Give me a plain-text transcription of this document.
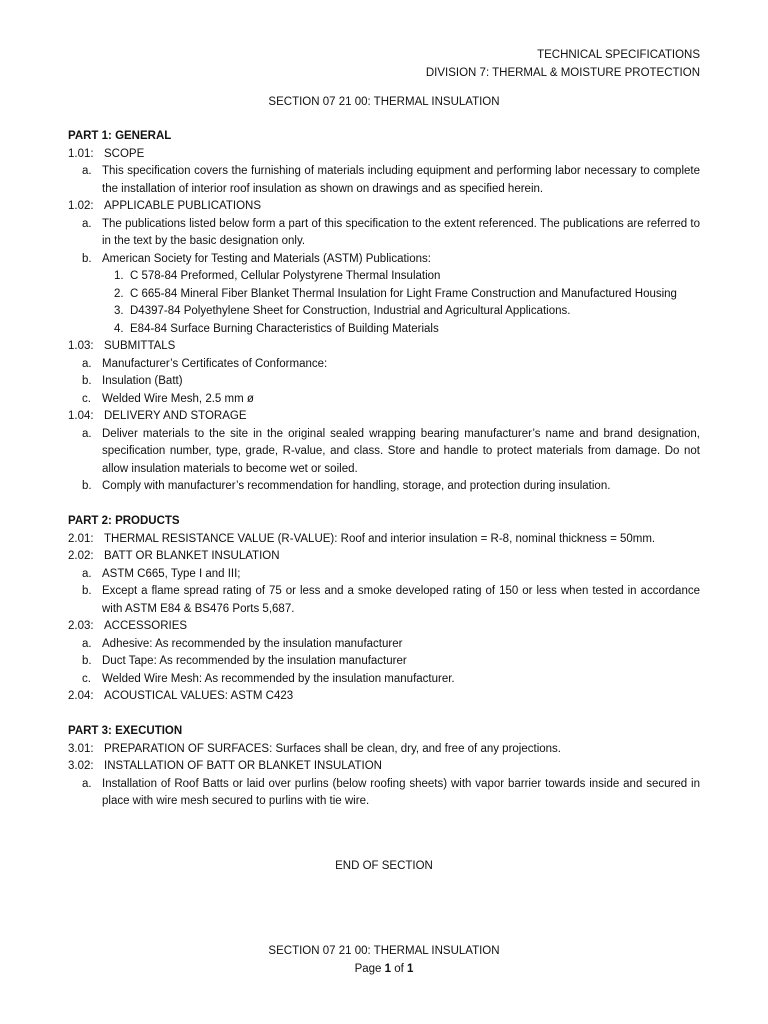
TECHNICAL SPECIFICATIONS
DIVISION 7: THERMAL & MOISTURE PROTECTION
SECTION 07 21 00: THERMAL INSULATION
PART 1: GENERAL
1.01: SCOPE
a. This specification covers the furnishing of materials including equipment and performing labor necessary to complete the installation of interior roof insulation as shown on drawings and as specified herein.
1.02: APPLICABLE PUBLICATIONS
a. The publications listed below form a part of this specification to the extent referenced. The publications are referred to in the text by the basic designation only.
b. American Society for Testing and Materials (ASTM) Publications:
1. C 578-84 Preformed, Cellular Polystyrene Thermal Insulation
2. C 665-84 Mineral Fiber Blanket Thermal Insulation for Light Frame Construction and Manufactured Housing
3. D4397-84 Polyethylene Sheet for Construction, Industrial and Agricultural Applications.
4. E84-84 Surface Burning Characteristics of Building Materials
1.03: SUBMITTALS
a. Manufacturer’s Certificates of Conformance:
b. Insulation (Batt)
c. Welded Wire Mesh, 2.5 mm ø
1.04: DELIVERY AND STORAGE
a. Deliver materials to the site in the original sealed wrapping bearing manufacturer’s name and brand designation, specification number, type, grade, R-value, and class. Store and handle to protect materials from damage. Do not allow insulation materials to become wet or soiled.
b. Comply with manufacturer’s recommendation for handling, storage, and protection during insulation.
PART 2: PRODUCTS
2.01: THERMAL RESISTANCE VALUE (R-VALUE): Roof and interior insulation = R-8, nominal thickness = 50mm.
2.02: BATT OR BLANKET INSULATION
a. ASTM C665, Type I and III;
b. Except a flame spread rating of 75 or less and a smoke developed rating of 150 or less when tested in accordance with ASTM E84 & BS476 Ports 5,687.
2.03: ACCESSORIES
a. Adhesive: As recommended by the insulation manufacturer
b. Duct Tape: As recommended by the insulation manufacturer
c. Welded Wire Mesh: As recommended by the insulation manufacturer.
2.04: ACOUSTICAL VALUES: ASTM C423
PART 3: EXECUTION
3.01: PREPARATION OF SURFACES: Surfaces shall be clean, dry, and free of any projections.
3.02: INSTALLATION OF BATT OR BLANKET INSULATION
a. Installation of Roof Batts or laid over purlins (below roofing sheets) with vapor barrier towards inside and secured in place with wire mesh secured to purlins with tie wire.
END OF SECTION
SECTION 07 21 00: THERMAL INSULATION
Page 1 of 1
